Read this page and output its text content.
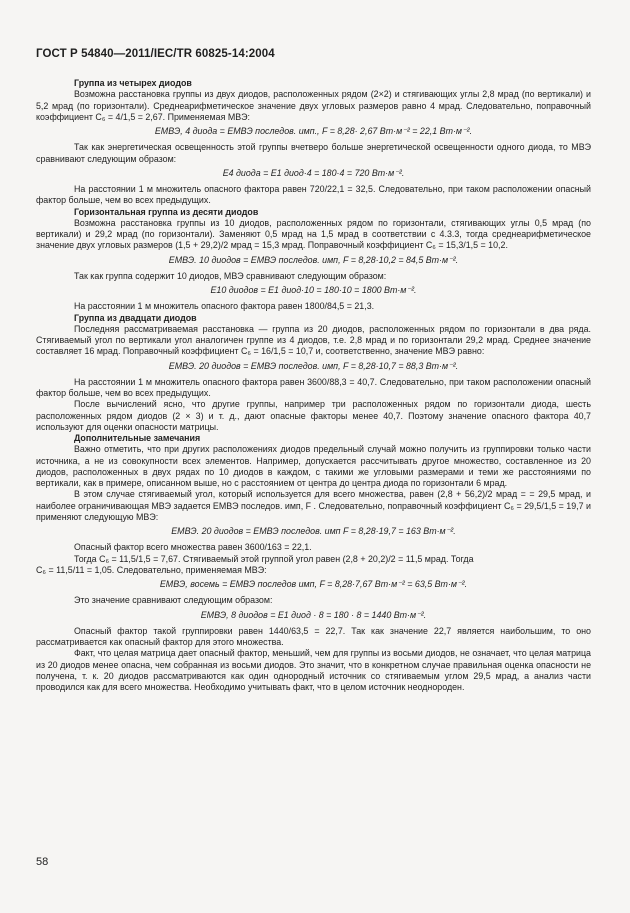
ГОСТ Р 54840—2011/IEC/TR 60825-14:2004

Группа из четырех диодов

Возможна расстановка группы из двух диодов, расположенных рядом (2×2) и стягивающих углы 2,8 мрад (по вертикали) и 5,2 мрад (по горизонтали). Среднеарифметическое значение двух угловых размеров равно 4 мрад. Следовательно, поправочный коэффициент C₆ = 4/1,5 = 2,67. Применяемая МВЭ:

EМВЭ, 4 диода = EМВЭ последов. имп., F = 8,28· 2,67 Вт·м⁻² = 22,1 Вт·м⁻².

Так как энергетическая освещенность этой группы вчетверо больше энергетической освещенности одного диода, то МВЭ сравнивают следующим образом:

E4 диода = E1 диод·4 = 180·4 = 720 Вт·м⁻².

На расстоянии 1 м множитель опасного фактора равен 720/22,1 = 32,5. Следовательно, при таком расположении опасный фактор больше, чем во всех предыдущих.

Горизонтальная группа из десяти диодов

Возможна расстановка группы из 10 диодов, расположенных рядом по горизонтали, стягивающих углы 0,5 мрад (по вертикали) и 29,2 мрад (по горизонтали). Заменяют 0,5 мрад на 1,5 мрад в соответствии с 4.3.3, тогда среднеарифметическое значение двух угловых размеров (1,5 + 29,2)/2 мрад = 15,3 мрад. Поправочный коэффициент C₆ = 15,3/1,5 = 10,2.

EМВЭ. 10 диодов = EМВЭ последов. имп, F = 8,28·10,2 = 84,5 Вт·м⁻².

Так как группа содержит 10 диодов, МВЭ сравнивают следующим образом:

E10 диодов = E1 диод·10 = 180·10 = 1800 Вт·м⁻².

На расстоянии 1 м множитель опасного фактора равен 1800/84,5 = 21,3.

Группа из двадцати диодов

Последняя рассматриваемая расстановка — группа из 20 диодов, расположенных рядом по горизонтали в два ряда. Стягиваемый угол по вертикали угол аналогичен группе из 4 диодов, т.е. 2,8 мрад и по горизонтали 29,2 мрад. Среднее значение составляет 16 мрад. Поправочный коэффициент C₆ = 16/1,5 = 10,7 и, соответственно, значение МВЭ равно:

EМВЭ. 20 диодов = EМВЭ последов. имп, F = 8,28·10,7 = 88,3 Вт·м⁻².

На расстоянии 1 м множитель опасного фактора равен 3600/88,3 = 40,7. Следовательно, при таком расположении опасный фактор больше, чем во всех предыдущих.

После вычислений ясно, что другие группы, например три расположенных рядом по горизонтали диода, шесть расположенных рядом диодов (2 × 3) и т. д., дают опасные факторы менее 40,7. Поэтому значение опасного фактора 40,7 используют для оценки опасности матрицы.

Дополнительные замечания

Важно отметить, что при других расположениях диодов предельный случай можно получить из группировки только части источника, а не из совокупности всех элементов. Например, допускается рассчитывать другое множество, составленное из 20 диодов, расположенных в двух рядах по 10 диодов в каждом, с такими же угловыми размерами и теми же расстояниями по вертикали, как в примере, описанном выше, но с расстоянием от центра до центра диода по горизонтали 6 мрад.

В этом случае стягиваемый угол, который используется для всего множества, равен (2,8 + 56,2)/2 мрад = = 29,5 мрад, и наиболее ограничивающая МВЭ задается EМВЭ последов. имп, F . Следовательно, поправочный коэффициент C₆ = 29,5/1,5 = 19,7 и применяют следующую МВЭ:

EМВЭ. 20 диодов = EМВЭ последов. имп F = 8,28·19,7 = 163 Вт·м⁻².

Опасный фактор всего множества равен 3600/163 = 22,1.

Тогда C₆ = 11,5/1,5 = 7,67. Стягиваемый этой группой угол равен (2,8 + 20,2)/2 = 11,5 мрад. Тогда

C₆ = 11,5/11 = 1,05. Следовательно, применяемая МВЭ:

EМВЭ, восемь = EМВЭ последов имп, F = 8,28·7,67 Вт·м⁻² = 63,5 Вт·м⁻².

Это значение сравнивают следующим образом:

EМВЭ, 8 диодов = E1 диод · 8 = 180 · 8 = 1440 Вт·м⁻².

Опасный фактор такой группировки равен 1440/63,5 = 22,7. Так как значение 22,7 является наибольшим, то оно рассматривается как опасный фактор для этого множества.

Факт, что целая матрица дает опасный фактор, меньший, чем для группы из восьми диодов, не означает, что целая матрица из 20 диодов менее опасна, чем собранная из восьми диодов. Это значит, что в конкретном случае правильная оценка опасности не получена, т. к. 20 диодов рассматриваются как один однородный источник со стягиваемым углом 29,5 мрад, а анализ части проводился как для всего множества. Необходимо учитывать факт, что в целом источник неоднороден.

58
